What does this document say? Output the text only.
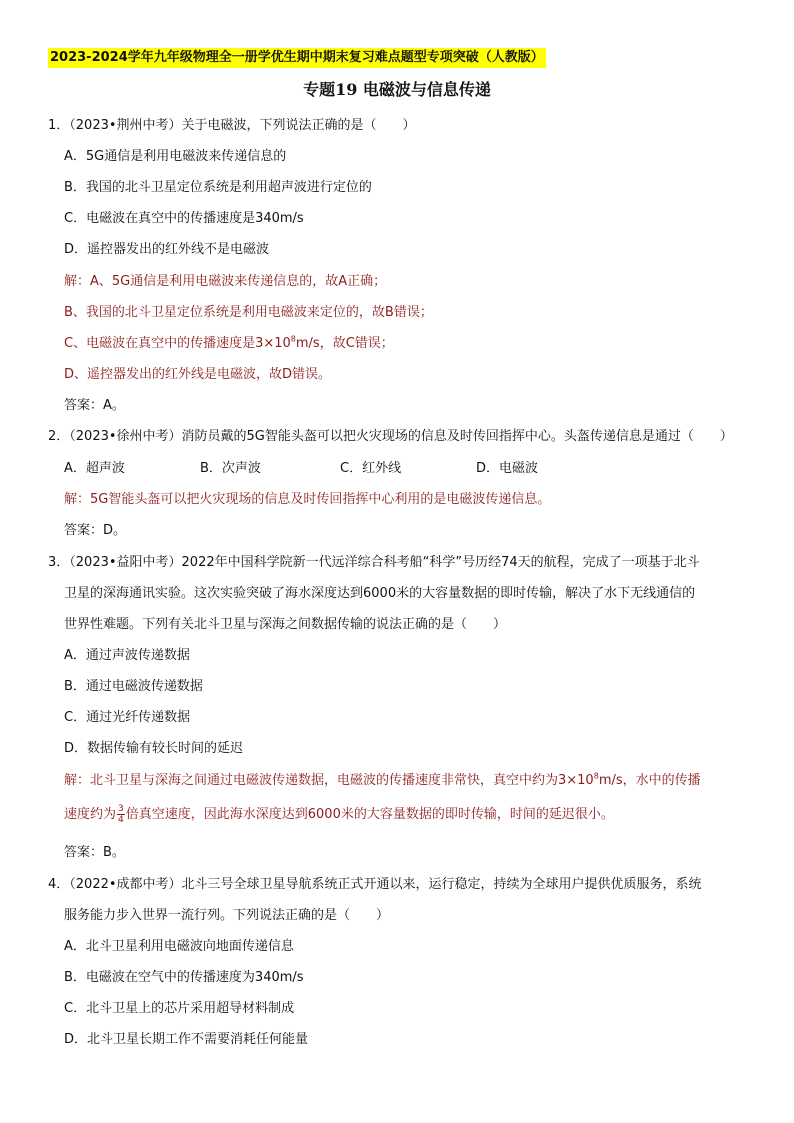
2023-2024学年九年级物理全一册学优生期中期末复习难点题型专项突破（人教版）
专题19 电磁波与信息传递
1．（2023•荆州中考）关于电磁波，下列说法正确的是（　　）
A．5G通信是利用电磁波来传递信息的
B．我国的北斗卫星定位系统是利用超声波进行定位的
C．电磁波在真空中的传播速度是340m/s
D．遥控器发出的红外线不是电磁波
解：A、5G通信是利用电磁波来传递信息的，故A正确；
B、我国的北斗卫星定位系统是利用电磁波来定位的，故B错误；
C、电磁波在真空中的传播速度是$3\times 10^8m/s$，故C错误；
D、遥控器发出的红外线是电磁波，故D错误。
答案：A。
2．（2023•徐州中考）消防员戴的5G智能头盔可以把火灾现场的信息及时传回指挥中心。头盔传递信息是通过（　　）
A．超声波	B．次声波	C．红外线	D．电磁波
解：5G智能头盔可以把火灾现场的信息及时传回指挥中心利用的是电磁波传递信息。
答案：D。
3．（2023•益阳中考）2022年中国科学院新一代远洋综合科考船“科学”号历经74天的航程，完成了一项基于北斗
卫星的深海通讯实验。这次实验突破了海水深度达到6000米的大容量数据的即时传输，解决了水下无线通信的
世界性难题。下列有关北斗卫星与深海之间数据传输的说法正确的是（　　）
A．通过声波传递数据
B．通过电磁波传递数据
C．通过光纤传递数据
D．数据传输有较长时间的延迟
解：北斗卫星与深海之间通过电磁波传递数据，电磁波的传播速度非常快，真空中约为$3\times 10^8m/s$，水中的传播
速度约为 $\frac{3}{4}$ 倍真空速度，因此海水深度达到6000米的大容量数据的即时传输，时间的延迟很小。
答案：B。
4．（2022•成都中考）北斗三号全球卫星导航系统正式开通以来，运行稳定，持续为全球用户提供优质服务，系统
服务能力步入世界一流行列。下列说法正确的是（　　）
A．北斗卫星利用电磁波向地面传递信息
B．电磁波在空气中的传播速度为340m/s
C．北斗卫星上的芯片采用超导材料制成
D．北斗卫星长期工作不需要消耗任何能量
